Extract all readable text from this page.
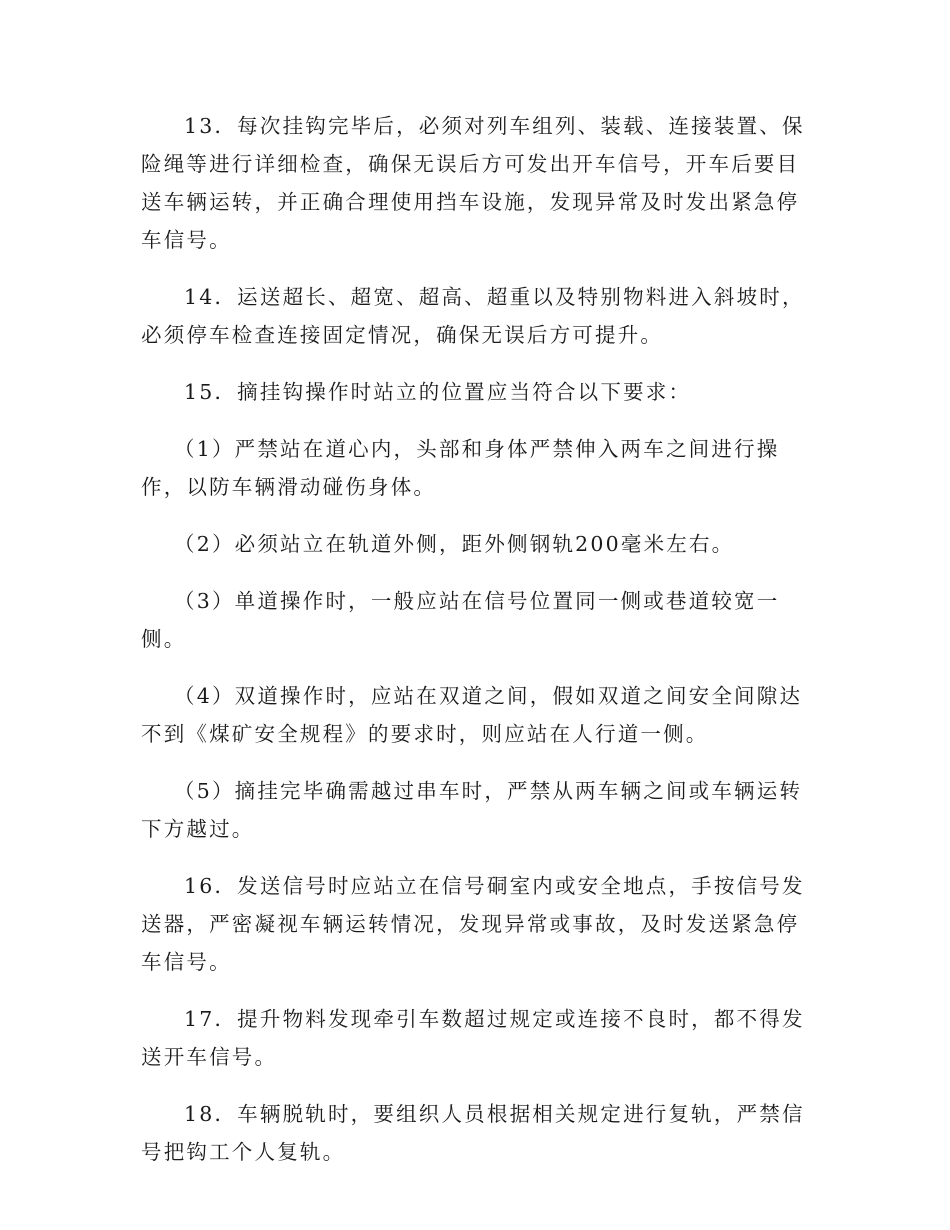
13．每次挂钩完毕后，必须对列车组列、装载、连接装置、保险绳等进行详细检查，确保无误后方可发出开车信号，开车后要目送车辆运转，并正确合理使用挡车设施，发现异常及时发出紧急停车信号。

14．运送超长、超宽、超高、超重以及特别物料进入斜坡时，必须停车检查连接固定情况，确保无误后方可提升。

15．摘挂钩操作时站立的位置应当符合以下要求：

（1）严禁站在道心内，头部和身体严禁伸入两车之间进行操作，以防车辆滑动碰伤身体。

（2）必须站立在轨道外侧，距外侧钢轨200毫米左右。

（3）单道操作时，一般应站在信号位置同一侧或巷道较宽一侧。

（4）双道操作时，应站在双道之间，假如双道之间安全间隙达不到《煤矿安全规程》的要求时，则应站在人行道一侧。

（5）摘挂完毕确需越过串车时，严禁从两车辆之间或车辆运转下方越过。

16．发送信号时应站立在信号硐室内或安全地点，手按信号发送器，严密凝视车辆运转情况，发现异常或事故，及时发送紧急停车信号。

17．提升物料发现牵引车数超过规定或连接不良时，都不得发送开车信号。

18．车辆脱轨时，要组织人员根据相关规定进行复轨，严禁信号把钩工个人复轨。
